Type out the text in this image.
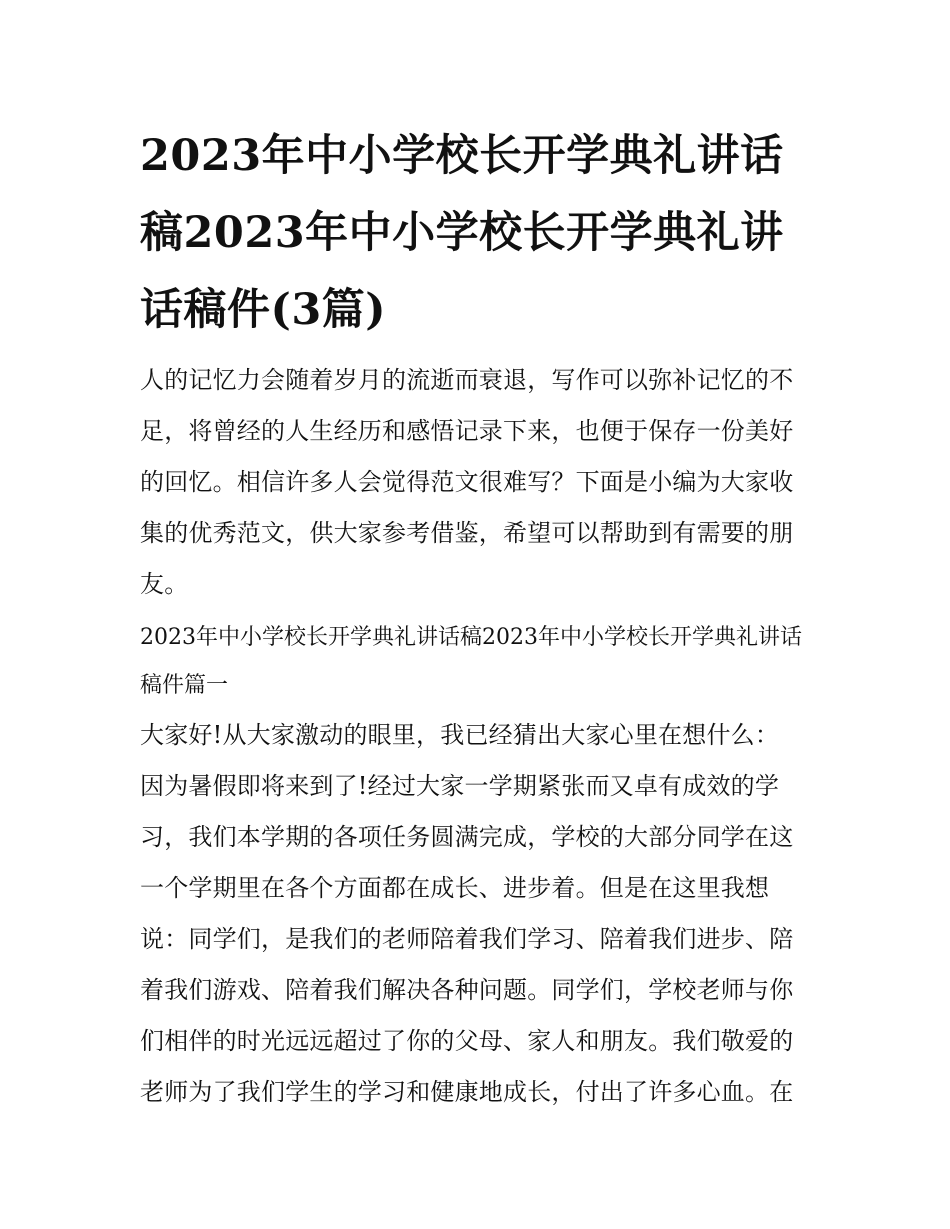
2023年中小学校长开学典礼讲话稿2023年中小学校长开学典礼讲话稿件(3篇)

人的记忆力会随着岁月的流逝而衰退，写作可以弥补记忆的不足，将曾经的人生经历和感悟记录下来，也便于保存一份美好的回忆。相信许多人会觉得范文很难写？下面是小编为大家收集的优秀范文，供大家参考借鉴，希望可以帮助到有需要的朋友。

2023年中小学校长开学典礼讲话稿2023年中小学校长开学典礼讲话稿件篇一

大家好!从大家激动的眼里，我已经猜出大家心里在想什么：

因为暑假即将来到了!经过大家一学期紧张而又卓有成效的学习，我们本学期的各项任务圆满完成，学校的大部分同学在这一个学期里在各个方面都在成长、进步着。但是在这里我想说：同学们，是我们的老师陪着我们学习、陪着我们进步、陪着我们游戏、陪着我们解决各种问题。同学们，学校老师与你们相伴的时光远远超过了你的父母、家人和朋友。我们敬爱的老师为了我们学生的学习和健康地成长，付出了许多心血。在
